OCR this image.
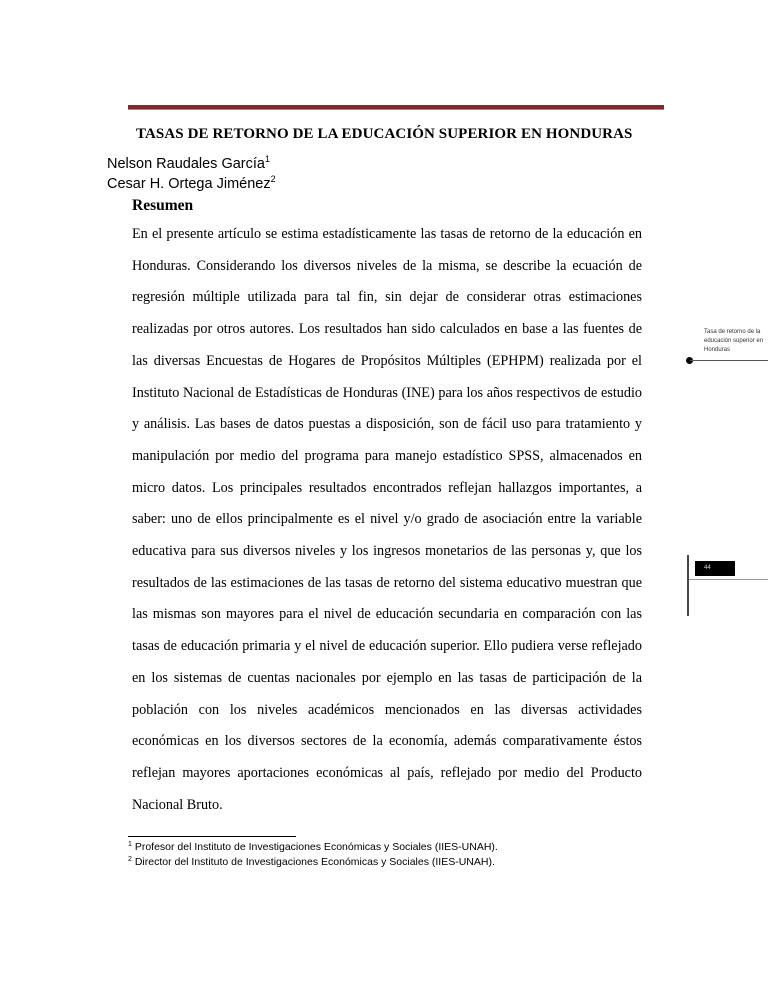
TASAS DE RETORNO DE LA EDUCACIÓN SUPERIOR EN HONDURAS
Nelson Raudales García$^1$
Cesar H. Ortega Jiménez$^2$
Resumen

En el presente artículo se estima estadísticamente las tasas de retorno de la educación en Honduras. Considerando los diversos niveles de la misma, se describe la ecuación de regresión múltiple utilizada para tal fin, sin dejar de considerar otras estimaciones realizadas por otros autores. Los resultados han sido calculados en base a las fuentes de las diversas Encuestas de Hogares de Propósitos Múltiples (EPHPM) realizada por el Instituto Nacional de Estadísticas de Honduras (INE) para los años respectivos de estudio y análisis. Las bases de datos puestas a disposición, son de fácil uso para tratamiento y manipulación por medio del programa para manejo estadístico SPSS, almacenados en micro datos. Los principales resultados encontrados reflejan hallazgos importantes, a saber: uno de ellos principalmente es el nivel y/o grado de asociación entre la variable educativa para sus diversos niveles y los ingresos monetarios de las personas y, que los resultados de las estimaciones de las tasas de retorno del sistema educativo muestran que las mismas son mayores para el nivel de educación secundaria en comparación con las tasas de educación primaria y el nivel de educación superior. Ello pudiera verse reflejado en los sistemas de cuentas nacionales por ejemplo en las tasas de participación de la población con los niveles académicos mencionados en las diversas actividades económicas en los diversos sectores de la economía, además comparativamente éstos reflejan mayores aportaciones económicas al país, reflejado por medio del Producto Nacional Bruto.

Tasa de retorno de la educación superior en Honduras
44
$^1$ Profesor del Instituto de Investigaciones Económicas y Sociales (IIES-UNAH).
$^2$ Director del Instituto de Investigaciones Económicas y Sociales (IIES-UNAH).
